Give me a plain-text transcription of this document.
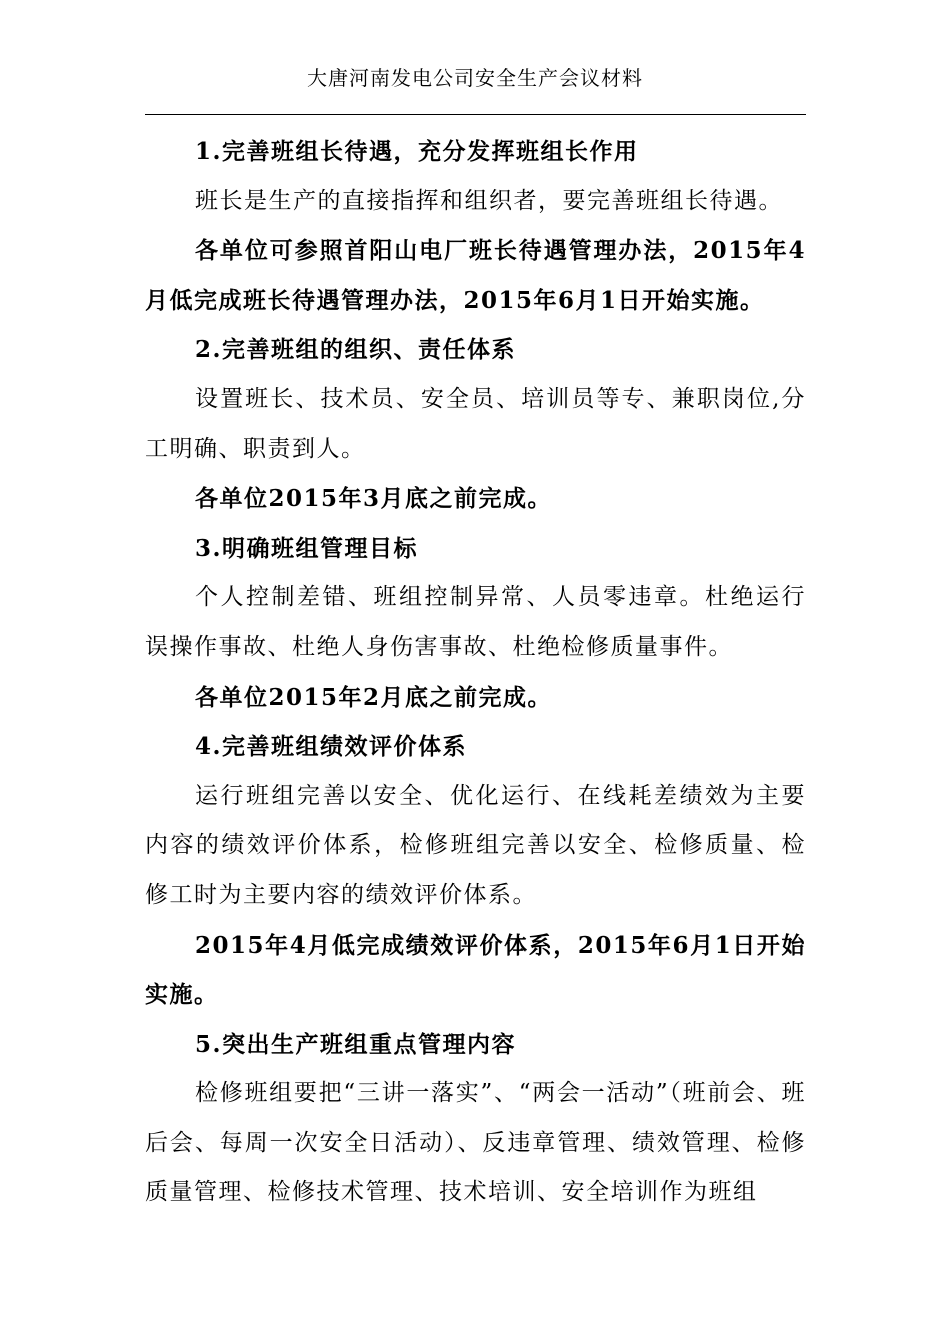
大唐河南发电公司安全生产会议材料

1.完善班组长待遇，充分发挥班组长作用

班长是生产的直接指挥和组织者，要完善班组长待遇。

各单位可参照首阳山电厂班长待遇管理办法，2015年4月低完成班长待遇管理办法，2015年6月1日开始实施。

2.完善班组的组织、责任体系

设置班长、技术员、安全员、培训员等专、兼职岗位,分工明确、职责到人。

各单位2015年3月底之前完成。

3.明确班组管理目标

个人控制差错、班组控制异常、人员零违章。杜绝运行误操作事故、杜绝人身伤害事故、杜绝检修质量事件。

各单位2015年2月底之前完成。

4.完善班组绩效评价体系

运行班组完善以安全、优化运行、在线耗差绩效为主要内容的绩效评价体系，检修班组完善以安全、检修质量、检修工时为主要内容的绩效评价体系。

2015年4月低完成绩效评价体系，2015年6月1日开始实施。

5.突出生产班组重点管理内容

检修班组要把“三讲一落实”、“两会一活动”（班前会、班后会、每周一次安全日活动）、反违章管理、绩效管理、检修质量管理、检修技术管理、技术培训、安全培训作为班组
